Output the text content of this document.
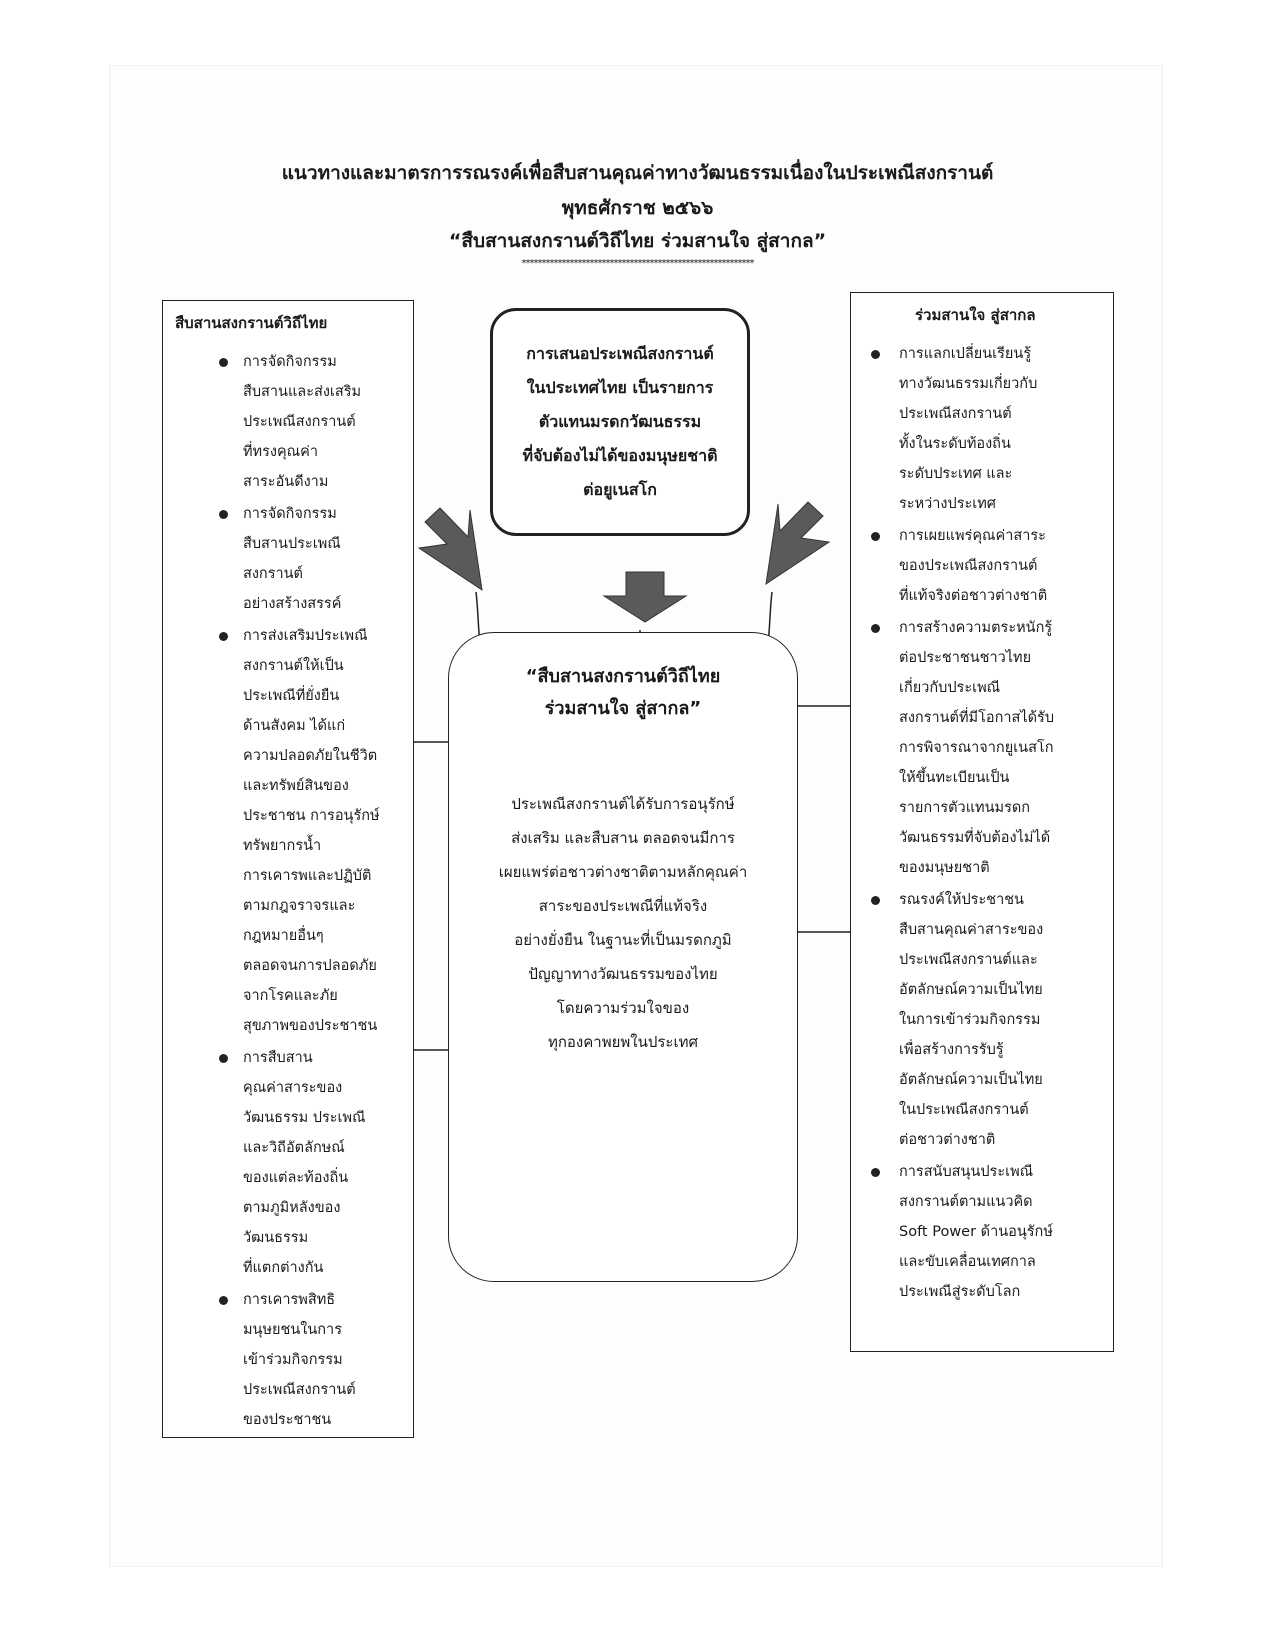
แนวทางและมาตรการรณรงค์เพื่อสืบสานคุณค่าทางวัฒนธรรมเนื่องในประเพณีสงกรานต์
พุทธศักราช ๒๕๖๖
“สืบสานสงกรานต์วิถีไทย ร่วมสานใจ สู่สากล”
**********************************************************
การเสนอประเพณีสงกรานต์
ในประเทศไทย เป็นรายการ
ตัวแทนมรดกวัฒนธรรม
ที่จับต้องไม่ได้ของมนุษยชาติ
ต่อยูเนสโก
“สืบสานสงกรานต์วิถีไทย
ร่วมสานใจ สู่สากล”
ประเพณีสงกรานต์ได้รับการอนุรักษ์
ส่งเสริม และสืบสาน ตลอดจนมีการ
เผยแพร่ต่อชาวต่างชาติตามหลักคุณค่า
สาระของประเพณีที่แท้จริง
อย่างยั่งยืน ในฐานะที่เป็นมรดกภูมิ
ปัญญาทางวัฒนธรรมของไทย
โดยความร่วมใจของ
ทุกองคาพยพในประเทศ
สืบสานสงกรานต์วิถีไทย
การจัดกิจกรรม
สืบสานและส่งเสริม
ประเพณีสงกรานต์
ที่ทรงคุณค่า
สาระอันดีงาม
การจัดกิจกรรม
สืบสานประเพณี
สงกรานต์
อย่างสร้างสรรค์
การส่งเสริมประเพณี
สงกรานต์ให้เป็น
ประเพณีที่ยั่งยืน
ด้านสังคม ได้แก่
ความปลอดภัยในชีวิต
และทรัพย์สินของ
ประชาชน การอนุรักษ์
ทรัพยากรน้ำ
การเคารพและปฏิบัติ
ตามกฎจราจรและ
กฎหมายอื่นๆ
ตลอดจนการปลอดภัย
จากโรคและภัย
สุขภาพของประชาชน
การสืบสาน
คุณค่าสาระของ
วัฒนธรรม ประเพณี
และวิถีอัตลักษณ์
ของแต่ละท้องถิ่น
ตามภูมิหลังของ
วัฒนธรรม
ที่แตกต่างกัน
การเคารพสิทธิ
มนุษยชนในการ
เข้าร่วมกิจกรรม
ประเพณีสงกรานต์
ของประชาชน
ร่วมสานใจ สู่สากล
การแลกเปลี่ยนเรียนรู้
ทางวัฒนธรรมเกี่ยวกับ
ประเพณีสงกรานต์
ทั้งในระดับท้องถิ่น
ระดับประเทศ และ
ระหว่างประเทศ
การเผยแพร่คุณค่าสาระ
ของประเพณีสงกรานต์
ที่แท้จริงต่อชาวต่างชาติ
การสร้างความตระหนักรู้
ต่อประชาชนชาวไทย
เกี่ยวกับประเพณี
สงกรานต์ที่มีโอกาสได้รับ
การพิจารณาจากยูเนสโก
ให้ขึ้นทะเบียนเป็น
รายการตัวแทนมรดก
วัฒนธรรมที่จับต้องไม่ได้
ของมนุษยชาติ
รณรงค์ให้ประชาชน
สืบสานคุณค่าสาระของ
ประเพณีสงกรานต์และ
อัตลักษณ์ความเป็นไทย
ในการเข้าร่วมกิจกรรม
เพื่อสร้างการรับรู้
อัตลักษณ์ความเป็นไทย
ในประเพณีสงกรานต์
ต่อชาวต่างชาติ
การสนับสนุนประเพณี
สงกรานต์ตามแนวคิด
Soft Power ด้านอนุรักษ์
และขับเคลื่อนเทศกาล
ประเพณีสู่ระดับโลก
